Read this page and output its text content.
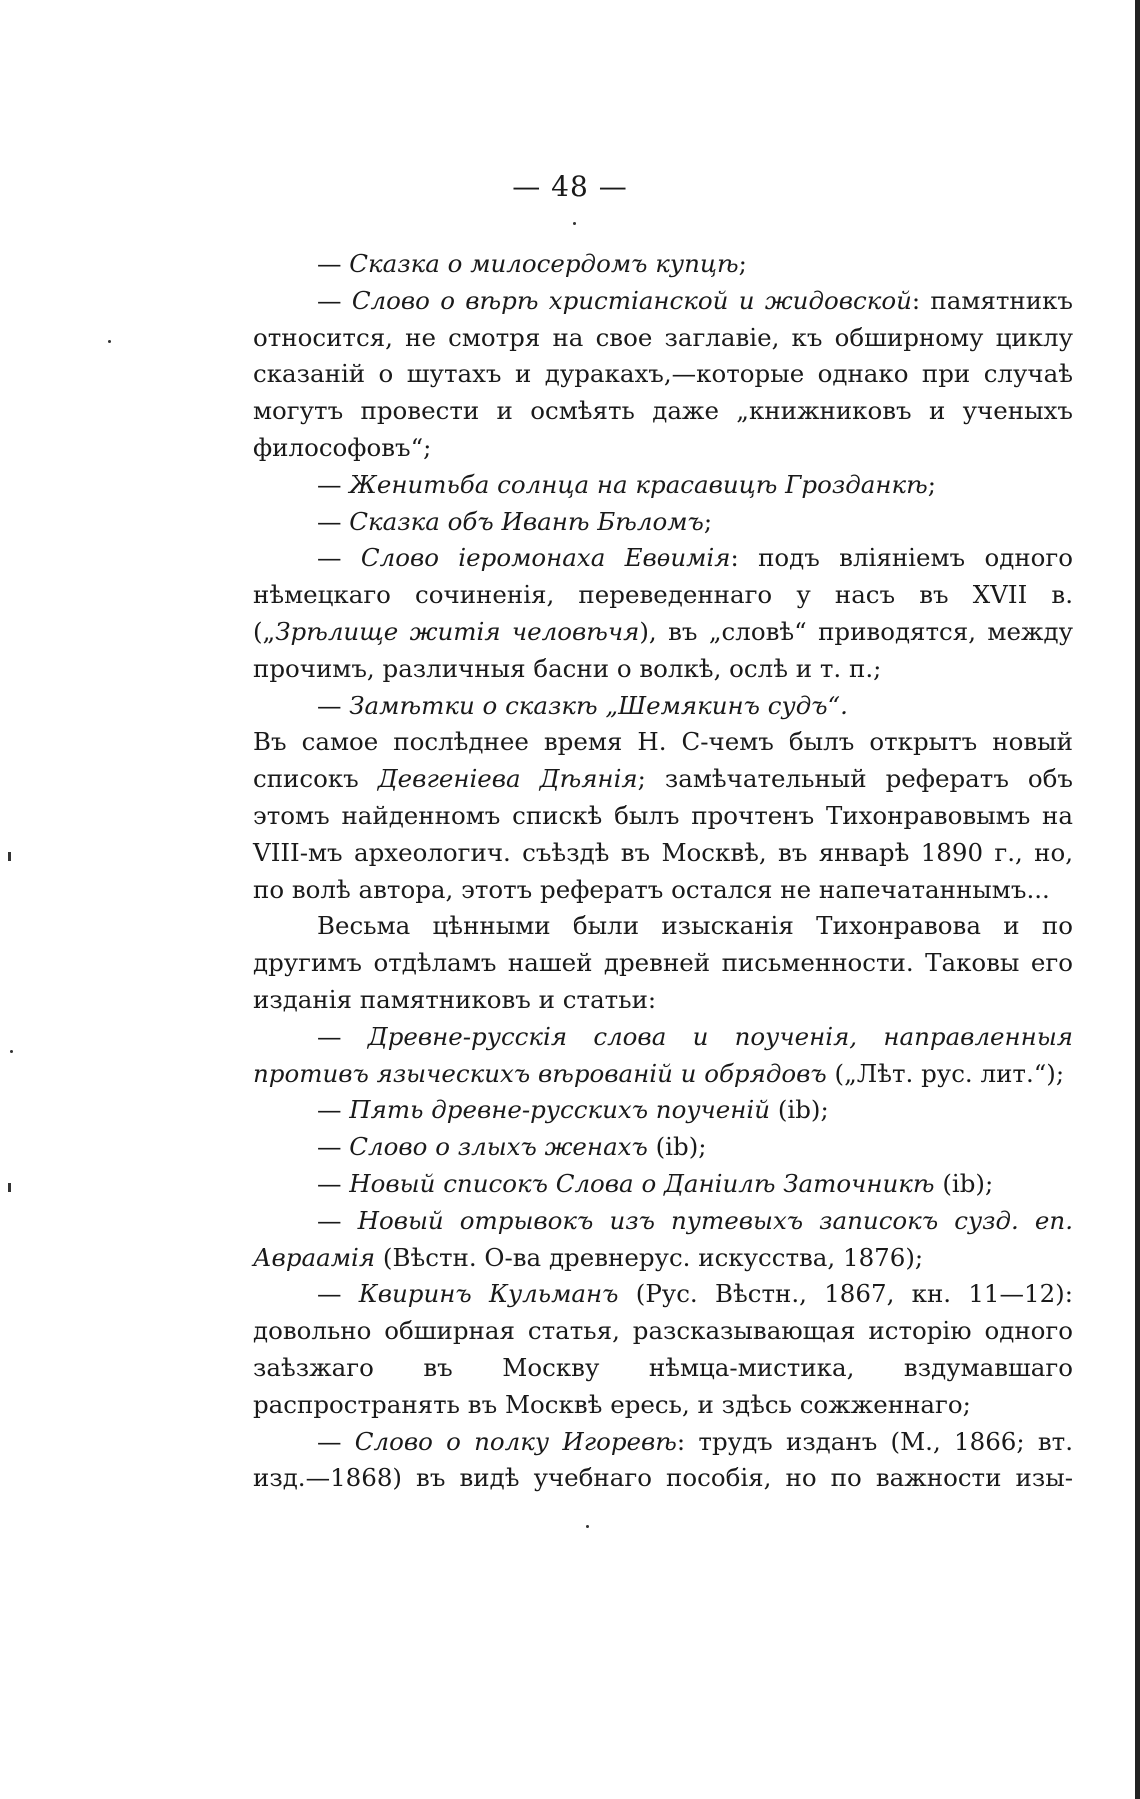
— 48 —

— Сказка о милосердомъ купцѣ;

— Слово о вѣрѣ христіанской и жидовской: памятникъ относится, не смотря на свое заглавіе, къ обширному циклу сказаній о шутахъ и дуракахъ,—которые однако при случаѣ могутъ провести и осмѣять даже „книжниковъ и ученыхъ философовъ“;

— Женитьба солнца на красавицѣ Грозданкѣ;

— Сказка объ Иванѣ Бѣломъ;

— Слово іеромонаха Евѳимія: подъ вліяніемъ одного нѣмецкаго сочиненія, переведеннаго у насъ въ XVII в. („Зрѣлище житія человѣчя), въ „словѣ“ приводятся, между прочимъ, различныя басни о волкѣ, ослѣ и т. п.;

— Замѣтки о сказкѣ „Шемякинъ судъ“.

Въ самое послѣднее время Н. С-чемъ былъ открытъ новый списокъ Девгеніева Дѣянія; замѣчательный рефератъ объ этомъ найденномъ спискѣ былъ прочтенъ Тихонравовымъ на VIII-мъ археологич. съѣздѣ въ Москвѣ, въ январѣ 1890 г., но, по волѣ автора, этотъ рефератъ остался не напечатаннымъ...

Весьма цѣнными были изысканія Тихонравова и по другимъ отдѣламъ нашей древней письменности. Таковы его изданія памятниковъ и статьи:

— Древне-русскія слова и поученія, направленныя противъ языческихъ вѣрованій и обрядовъ („Лѣт. рус. лит.“);

— Пять древне-русскихъ поученій (ib);

— Слово о злыхъ женахъ (ib);

— Новый списокъ Слова о Даніилѣ Заточникѣ (ib);

— Новый отрывокъ изъ путевыхъ записокъ сузд. еп. Авраамія (Вѣстн. О-ва древнерус. искусства, 1876);

— Квиринъ Кульманъ (Рус. Вѣстн., 1867, кн. 11—12): довольно обширная статья, разсказывающая исторію одного заѣзжаго въ Москву нѣмца-мистика, вздумавшаго распространять въ Москвѣ ересь, и здѣсь сожженнаго;

— Слово о полку Игоревѣ: трудъ изданъ (М., 1866; вт. изд.—1868) въ видѣ учебнаго пособія, но по важности изы-
